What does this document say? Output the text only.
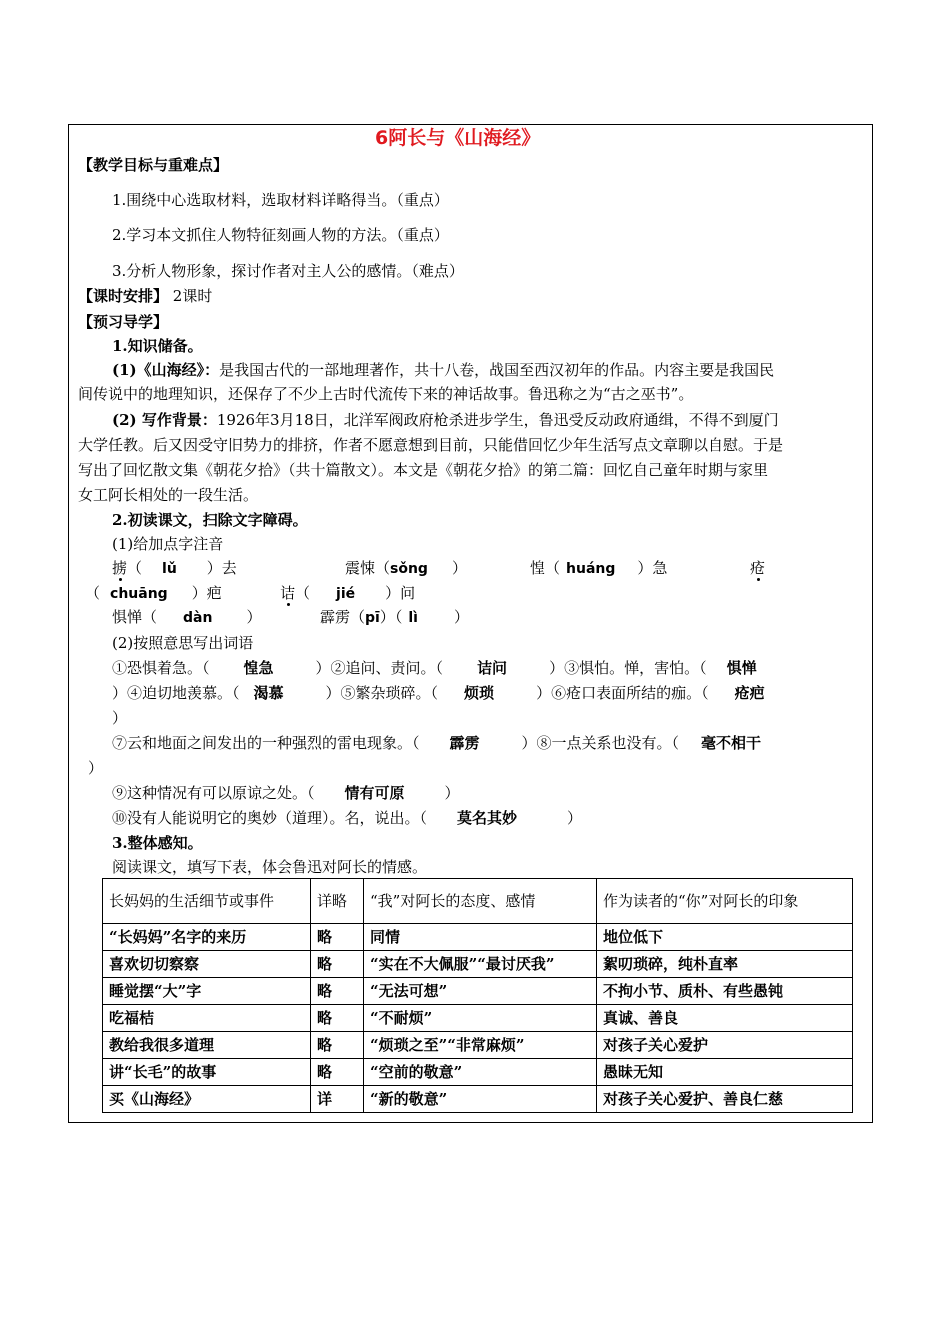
6阿长与《山海经》
【教学目标与重难点】
1.围绕中心选取材料，选取材料详略得当。（重点）
2.学习本文抓住人物特征刻画人物的方法。（重点）
3.分析人物形象，探讨作者对主人公的感情。（难点）
【课时安排】 2课时
【预习导学】
1.知识储备。
(1)《山海经》：是我国古代的一部地理著作，共十八卷，战国至西汉初年的作品。内容主要是我国民
间传说中的地理知识，还保存了不少上古时代流传下来的神话故事。鲁迅称之为“古之巫书”。
(2) 写作背景：1926年3月18日，北洋军阀政府枪杀进步学生，鲁迅受反动政府通缉，不得不到厦门
大学任教。后又因受守旧势力的排挤，作者不愿意想到目前，只能借回忆少年生活写点文章聊以自慰。于是
写出了回忆散文集《朝花夕拾》（共十篇散文）。本文是《朝花夕拾》的第二篇：回忆自己童年时期与家里
女工阿长相处的一段生活。
2.初读课文，扫除文字障碍。
(1)给加点字注音
掳（ lǔ ）去	震悚（sǒng ）	惶（ huáng ）急	疮
（ chuāng ）疤	诘（ jié ）问
惧惮（ dàn ）	霹雳（pī）（ lì ）
(2)按照意思写出词语
①恐惧着急。（ 惶急	）②追问、责问。（ 诘问	）③惧怕。惮，害怕。（ 惧惮
）④迫切地羡慕。（ 渴慕	）⑤繁杂琐碎。（ 烦琐	）⑥疮口表面所结的痂。（ 疮疤
）
⑦云和地面之间发出的一种强烈的雷电现象。（ 霹雳	）⑧一点关系也没有。（ 毫不相干
）
⑨这种情况有可以原谅之处。（ 情有可原	）
⑩没有人能说明它的奥妙（道理）。名，说出。（ 莫名其妙	）
3.整体感知。
阅读课文，填写下表，体会鲁迅对阿长的情感。
长妈妈的生活细节或事件	详略	“我”对阿长的态度、感情	作为读者的“你”对阿长的印象
“长妈妈”名字的来历	略	同情	地位低下
喜欢切切察察	略	“实在不大佩服”“最讨厌我”	絮叨琐碎，纯朴直率
睡觉摆“大”字	略	“无法可想”	不拘小节、质朴、有些愚钝
吃福桔	略	“不耐烦”	真诚、善良
教给我很多道理	略	“烦琐之至”“非常麻烦”	对孩子关心爱护
讲“长毛”的故事	略	“空前的敬意”	愚昧无知
买《山海经》	详	“新的敬意”	对孩子关心爱护、善良仁慈
